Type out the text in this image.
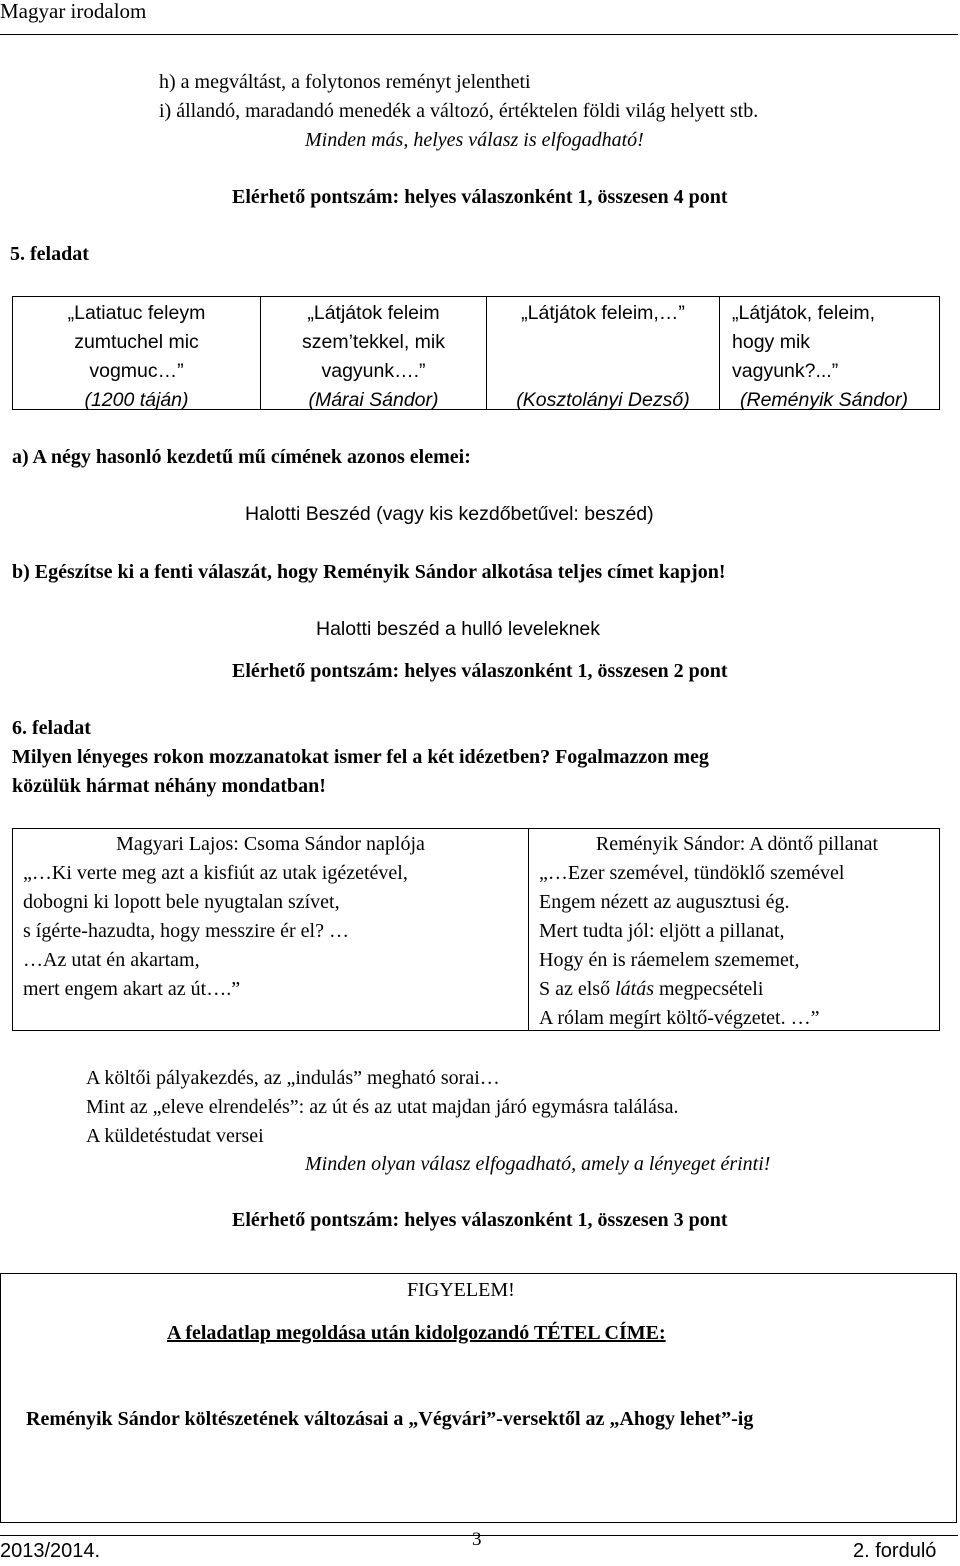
Magyar irodalom
h) a megváltást, a folytonos reményt jelentheti
i) állandó, maradandó menedék a változó, értéktelen földi világ helyett stb.
Minden más, helyes válasz is elfogadható!
Elérhető pontszám: helyes válaszonként 1, összesen 4 pont
5. feladat
„Latiatuc feleym
zumtuchel mic
vogmuc…”
(1200 táján)
„Látjátok feleim
szem’tekkel, mik
vagyunk….”
(Márai Sándor)
„Látjátok feleim,…”
(Kosztolányi Dezső)
„Látjátok, feleim,
hogy mik
vagyunk?...”
(Reményik Sándor)
a) A négy hasonló kezdetű mű címének azonos elemei:
Halotti Beszéd (vagy kis kezdőbetűvel: beszéd)
b) Egészítse ki a fenti válaszát, hogy Reményik Sándor alkotása teljes címet kapjon!
Halotti beszéd a hulló leveleknek
Elérhető pontszám: helyes válaszonként 1, összesen 2 pont
6. feladat
Milyen lényeges rokon mozzanatokat ismer fel a két idézetben? Fogalmazzon meg
közülük hármat néhány mondatban!
Magyari Lajos: Csoma Sándor naplója
„…Ki verte meg azt a kisfiút az utak igézetével,
dobogni ki lopott bele nyugtalan szívet,
s ígérte-hazudta, hogy messzire ér el? …
…Az utat én akartam,
mert engem akart az út….”
Reményik Sándor: A döntő pillanat
„…Ezer szemével, tündöklő szemével
Engem nézett az augusztusi ég.
Mert tudta jól: eljött a pillanat,
Hogy én is ráemelem szememet,
S az első látás megpecsételi
A rólam megírt költő-végzetet. …”
A költői pályakezdés, az „indulás” megható sorai…
Mint az „eleve elrendelés”: az út és az utat majdan járó egymásra találása.
A küldetéstudat versei
Minden olyan válasz elfogadható, amely a lényeget érinti!
Elérhető pontszám: helyes válaszonként 1, összesen 3 pont
FIGYELEM!
A feladatlap megoldása után kidolgozandó TÉTEL CÍME:
Reményik Sándor költészetének változásai a „Végvári”-versektől az „Ahogy lehet”-ig
2013/2014.
3
2. forduló
